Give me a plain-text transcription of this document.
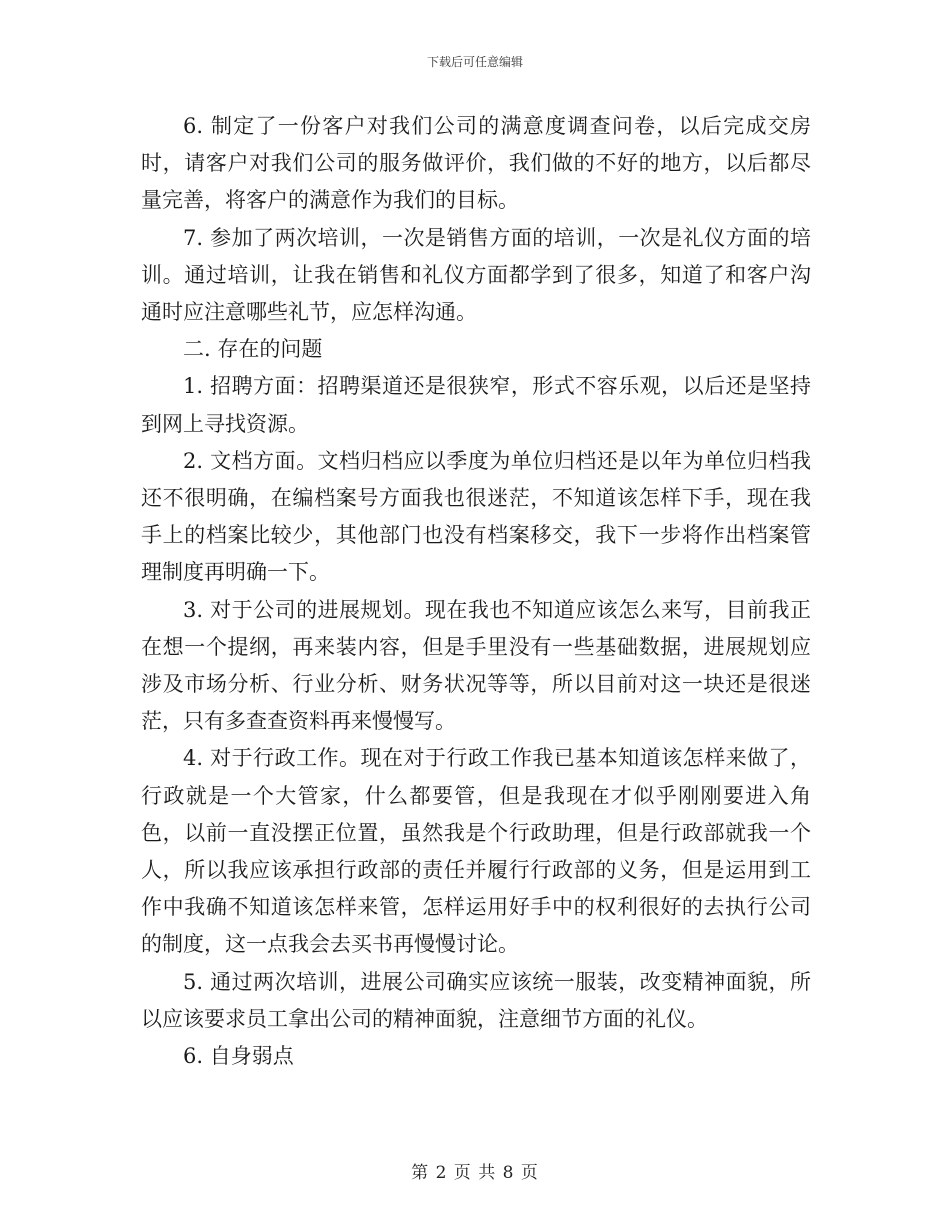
下载后可任意编辑

6. 制定了一份客户对我们公司的满意度调查问卷，以后完成交房时，请客户对我们公司的服务做评价，我们做的不好的地方，以后都尽量完善，将客户的满意作为我们的目标。

7. 参加了两次培训，一次是销售方面的培训，一次是礼仪方面的培训。通过培训，让我在销售和礼仪方面都学到了很多，知道了和客户沟通时应注意哪些礼节，应怎样沟通。

二. 存在的问题

1. 招聘方面：招聘渠道还是很狭窄，形式不容乐观，以后还是坚持到网上寻找资源。

2. 文档方面。文档归档应以季度为单位归档还是以年为单位归档我还不很明确，在编档案号方面我也很迷茫，不知道该怎样下手，现在我手上的档案比较少，其他部门也没有档案移交，我下一步将作出档案管理制度再明确一下。

3. 对于公司的进展规划。现在我也不知道应该怎么来写，目前我正在想一个提纲，再来装内容，但是手里没有一些基础数据，进展规划应涉及市场分析、行业分析、财务状况等等，所以目前对这一块还是很迷茫，只有多查查资料再来慢慢写。

4. 对于行政工作。现在对于行政工作我已基本知道该怎样来做了，行政就是一个大管家，什么都要管，但是我现在才似乎刚刚要进入角色，以前一直没摆正位置，虽然我是个行政助理，但是行政部就我一个人，所以我应该承担行政部的责任并履行行政部的义务，但是运用到工作中我确不知道该怎样来管，怎样运用好手中的权利很好的去执行公司的制度，这一点我会去买书再慢慢讨论。

5. 通过两次培训，进展公司确实应该统一服装，改变精神面貌，所以应该要求员工拿出公司的精神面貌，注意细节方面的礼仪。

6. 自身弱点

第 2 页 共 8 页
